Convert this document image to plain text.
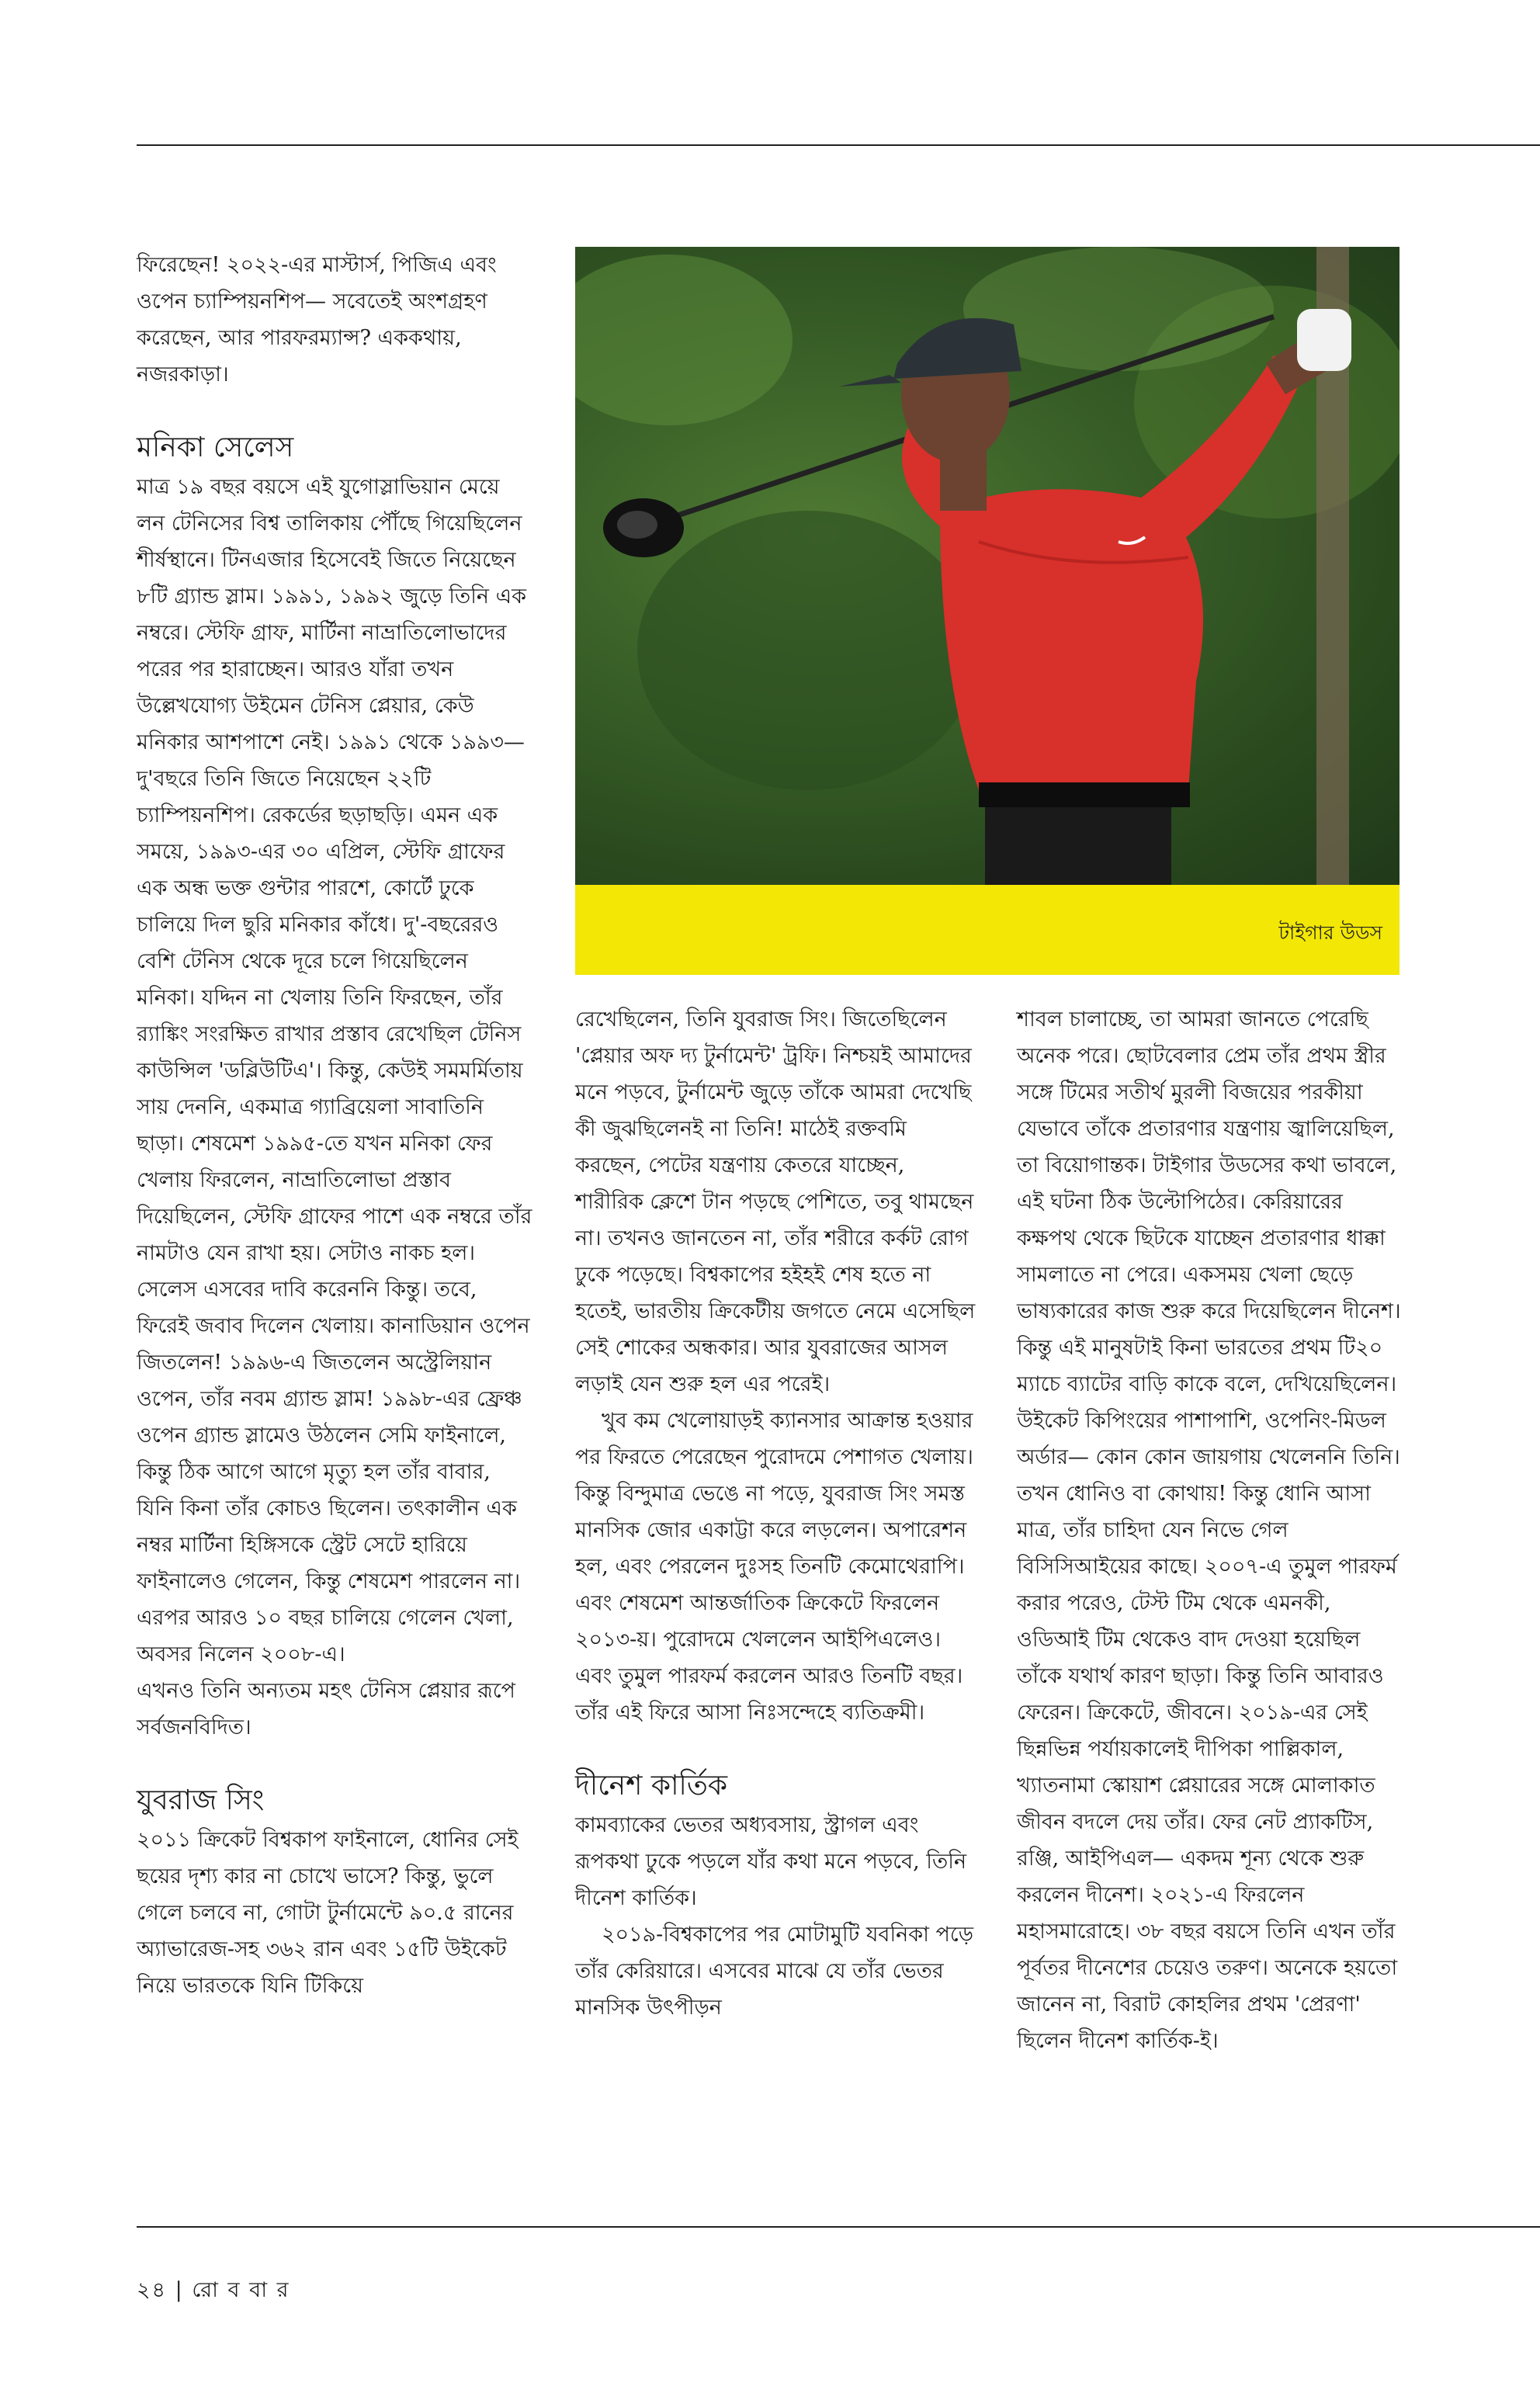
ফিরেছেন! ২০২২-এর মাস্টার্স, পিজিএ এবং ওপেন চ্যাম্পিয়নশিপ— সবেতেই অংশগ্রহণ করেছেন, আর পারফরম্যান্স? এককথায়, নজরকাড়া।

মনিকা সেলেস

মাত্র ১৯ বছর বয়সে এই যুগোস্লাভিয়ান মেয়ে লন টেনিসের বিশ্ব তালিকায় পৌঁছে গিয়েছিলেন শীর্ষস্থানে। টিনএজার হিসেবেই জিতে নিয়েছেন ৮টি গ্র্যান্ড স্লাম। ১৯৯১, ১৯৯২ জুড়ে তিনি এক নম্বরে। স্টেফি গ্রাফ, মার্টিনা নাভ্রাতিলোভাদের পরের পর হারাচ্ছেন। আরও যাঁরা তখন উল্লেখযোগ্য উইমেন টেনিস প্লেয়ার, কেউ মনিকার আশপাশে নেই। ১৯৯১ থেকে ১৯৯৩— দু'বছরে তিনি জিতে নিয়েছেন ২২টি চ্যাম্পিয়নশিপ। রেকর্ডের ছড়াছড়ি। এমন এক সময়ে, ১৯৯৩-এর ৩০ এপ্রিল, স্টেফি গ্রাফের এক অন্ধ ভক্ত গুন্টার পারশে, কোর্টে ঢুকে চালিয়ে দিল ছুরি মনিকার কাঁধে। দু'-বছরেরও বেশি টেনিস থেকে দূরে চলে গিয়েছিলেন মনিকা। যদ্দিন না খেলায় তিনি ফিরছেন, তাঁর র‍্যাঙ্কিং সংরক্ষিত রাখার প্রস্তাব রেখেছিল টেনিস কাউন্সিল 'ডব্লিউটিএ'। কিন্তু, কেউই সমমর্মিতায় সায় দেননি, একমাত্র গ্যাব্রিয়েলা সাবাতিনি ছাড়া। শেষমেশ ১৯৯৫-তে যখন মনিকা ফের খেলায় ফিরলেন, নাভ্রাতিলোভা প্রস্তাব দিয়েছিলেন, স্টেফি গ্রাফের পাশে এক নম্বরে তাঁর নামটাও যেন রাখা হয়। সেটাও নাকচ হল। সেলেস এসবের দাবি করেননি কিন্তু। তবে, ফিরেই জবাব দিলেন খেলায়। কানাডিয়ান ওপেন জিতলেন! ১৯৯৬-এ জিতলেন অস্ট্রেলিয়ান ওপেন, তাঁর নবম গ্র্যান্ড স্লাম! ১৯৯৮-এর ফ্রেঞ্চ ওপেন গ্র্যান্ড স্লামেও উঠলেন সেমি ফাইনালে, কিন্তু ঠিক আগে আগে মৃত্যু হল তাঁর বাবার, যিনি কিনা তাঁর কোচও ছিলেন। তৎকালীন এক নম্বর মার্টিনা হিঙ্গিসকে স্ট্রেট সেটে হারিয়ে ফাইনালেও গেলেন, কিন্তু শেষমেশ পারলেন না। এরপর আরও ১০ বছর চালিয়ে গেলেন খেলা, অবসর নিলেন ২০০৮-এ।

এখনও তিনি অন্যতম মহৎ টেনিস প্লেয়ার রূপে সর্বজনবিদিত।

যুবরাজ সিং

২০১১ ক্রিকেট বিশ্বকাপ ফাইনালে, ধোনির সেই ছয়ের দৃশ্য কার না চোখে ভাসে? কিন্তু, ভুলে গেলে চলবে না, গোটা টুর্নামেন্টে ৯০.৫ রানের অ্যাভারেজ-সহ ৩৬২ রান এবং ১৫টি উইকেট নিয়ে ভারতকে যিনি টিকিয়ে

টাইগার উডস

রেখেছিলেন, তিনি যুবরাজ সিং। জিতেছিলেন 'প্লেয়ার অফ দ্য টুর্নামেন্ট' ট্রফি। নিশ্চয়ই আমাদের মনে পড়বে, টুর্নামেন্ট জুড়ে তাঁকে আমরা দেখেছি কী জুঝছিলেনই না তিনি! মাঠেই রক্তবমি করছেন, পেটের যন্ত্রণায় কেতরে যাচ্ছেন, শারীরিক ক্লেশে টান পড়ছে পেশিতে, তবু থামছেন না। তখনও জানতেন না, তাঁর শরীরে কর্কট রোগ ঢুকে পড়েছে। বিশ্বকাপের হইহই শেষ হতে না হতেই, ভারতীয় ক্রিকেটীয় জগতে নেমে এসেছিল সেই শোকের অন্ধকার। আর যুবরাজের আসল লড়াই যেন শুরু হল এর পরেই।

খুব কম খেলোয়াড়ই ক্যানসার আক্রান্ত হওয়ার পর ফিরতে পেরেছেন পুরোদমে পেশাগত খেলায়। কিন্তু বিন্দুমাত্র ভেঙে না পড়ে, যুবরাজ সিং সমস্ত মানসিক জোর একাট্টা করে লড়লেন। অপারেশন হল, এবং পেরলেন দুঃসহ তিনটি কেমোথেরাপি। এবং শেষমেশ আন্তর্জাতিক ক্রিকেটে ফিরলেন ২০১৩-য়। পুরোদমে খেললেন আইপিএলেও। এবং তুমুল পারফর্ম করলেন আরও তিনটি বছর। তাঁর এই ফিরে আসা নিঃসন্দেহে ব্যতিক্রমী।

দীনেশ কার্তিক

কামব্যাকের ভেতর অধ্যবসায়, স্ট্রাগল এবং রূপকথা ঢুকে পড়লে যাঁর কথা মনে পড়বে, তিনি দীনেশ কার্তিক।

২০১৯-বিশ্বকাপের পর মোটামুটি যবনিকা পড়ে তাঁর কেরিয়ারে। এসবের মাঝে যে তাঁর ভেতর মানসিক উৎপীড়ন

শাবল চালাচ্ছে, তা আমরা জানতে পেরেছি অনেক পরে। ছোটবেলার প্রেম তাঁর প্রথম স্ত্রীর সঙ্গে টিমের সতীর্থ মুরলী বিজয়ের পরকীয়া যেভাবে তাঁকে প্রতারণার যন্ত্রণায় জ্বালিয়েছিল, তা বিয়োগান্তক। টাইগার উডসের কথা ভাবলে, এই ঘটনা ঠিক উল্টোপিঠের। কেরিয়ারের কক্ষপথ থেকে ছিটকে যাচ্ছেন প্রতারণার ধাক্কা সামলাতে না পেরে। একসময় খেলা ছেড়ে ভাষ্যকারের কাজ শুরু করে দিয়েছিলেন দীনেশ। কিন্তু এই মানুষটাই কিনা ভারতের প্রথম টি২০ ম্যাচে ব্যাটের বাড়ি কাকে বলে, দেখিয়েছিলেন। উইকেট কিপিংয়ের পাশাপাশি, ওপেনিং-মিডল অর্ডার— কোন কোন জায়গায় খেলেননি তিনি। তখন ধোনিও বা কোথায়! কিন্তু ধোনি আসা মাত্র, তাঁর চাহিদা যেন নিভে গেল বিসিসিআইয়ের কাছে। ২০০৭-এ তুমুল পারফর্ম করার পরেও, টেস্ট টিম থেকে এমনকী, ওডিআই টিম থেকেও বাদ দেওয়া হয়েছিল তাঁকে যথার্থ কারণ ছাড়া। কিন্তু তিনি আবারও ফেরেন। ক্রিকেটে, জীবনে। ২০১৯-এর সেই ছিন্নভিন্ন পর্যায়কালেই দীপিকা পাল্লিকাল, খ্যাতনামা স্কোয়াশ প্লেয়ারের সঙ্গে মোলাকাত জীবন বদলে দেয় তাঁর। ফের নেট প্র্যাকটিস, রঞ্জি, আইপিএল— একদম শূন্য থেকে শুরু করলেন দীনেশ। ২০২১-এ ফিরলেন মহাসমারোহে। ৩৮ বছর বয়সে তিনি এখন তাঁর পূর্বতর দীনেশের চেয়েও তরুণ। অনেকে হয়তো জানেন না, বিরাট কোহলির প্রথম 'প্রেরণা' ছিলেন দীনেশ কার্তিক-ই।

২৪ | রো ব বা র
